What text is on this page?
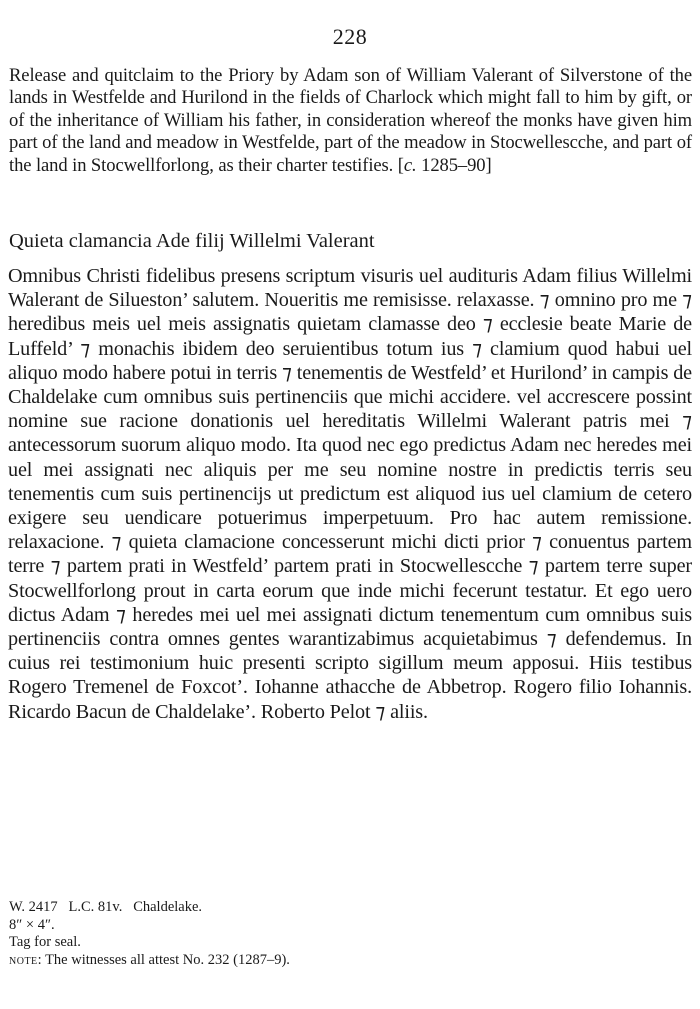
228

Release and quitclaim to the Priory by Adam son of William Valerant of Silverstone of the lands in Westfelde and Hurilond in the fields of Charlock which might fall to him by gift, or of the inheritance of William his father, in consideration whereof the monks have given him part of the land and meadow in Westfelde, part of the meadow in Stocwellescche, and part of the land in Stocwellforlong, as their charter testifies. [c. 1285–90]

Quieta clamancia Ade filij Willelmi Valerant

Omnibus Christi fidelibus presens scriptum visuris uel audituris Adam filius Willelmi Walerant de Silueston’ salutem. Noueritis me remisisse. relaxasse. ⁊ omnino pro me ⁊ heredibus meis uel meis assignatis quietam clamasse deo ⁊ ecclesie beate Marie de Luffeld’ ⁊ monachis ibidem deo seruientibus totum ius ⁊ clamium quod habui uel aliquo modo habere potui in terris ⁊ tenementis de Westfeld’ et Hurilond’ in campis de Chaldelake cum omnibus suis pertinenciis que michi accidere. vel accrescere possint nomine sue racione donationis uel hereditatis Willelmi Walerant patris mei ⁊ antecessorum suorum aliquo modo. Ita quod nec ego predictus Adam nec heredes mei uel mei assignati nec aliquis per me seu nomine nostre in predictis terris seu tenementis cum suis pertinencijs ut predictum est aliquod ius uel clamium de cetero exigere seu uendicare potuerimus imperpetuum. Pro hac autem remissione. relaxacione. ⁊ quieta clamacione concesserunt michi dicti prior ⁊ conuentus partem terre ⁊ partem prati in Westfeld’ partem prati in Stocwellescche ⁊ partem terre super Stocwellforlong prout in carta eorum que inde michi fecerunt testatur. Et ego uero dictus Adam ⁊ heredes mei uel mei assignati dictum tenementum cum omnibus suis pertinenciis contra omnes gentes warantizabimus acquietabimus ⁊ defendemus. In cuius rei testimonium huic presenti scripto sigillum meum apposui. Hiis testibus Rogero Tremenel de Foxcot’. Iohanne athacche de Abbetrop. Rogero filio Iohannis. Ricardo Bacun de Chaldelake’. Roberto Pelot ⁊ aliis.

W. 2417   L.C. 81v.   Chaldelake.
8″ × 4″.
Tag for seal.
note: The witnesses all attest No. 232 (1287–9).
